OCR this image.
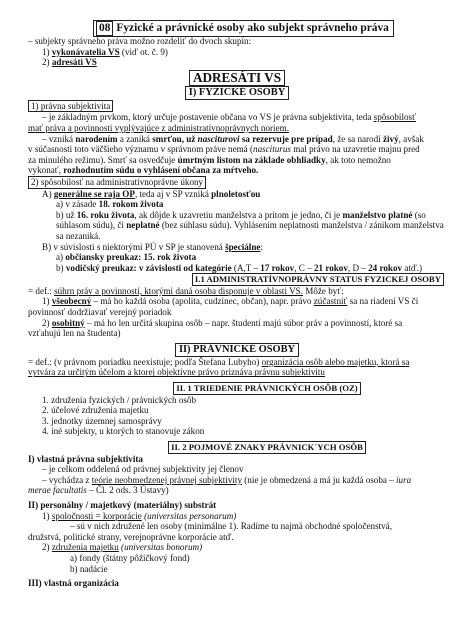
08 Fyzické a právnické osoby ako subjekt správneho práva
– subjekty správneho práva možno rozdeliť do dvoch skupín:
1) vykonávatelia VS (viď ot. č. 9)
2) adresáti VS
ADRESÁTI VS
I) FYZICKÉ OSOBY
1) právna subjektivita
– je základným prvkom, ktorý určuje postavenie občana vo VS je právna subjektivita, teda spôsobilosť
mať práva a povinnosti vyplývajúce z administratívnoprávnych noriem.
– vzniká narodením a zaniká smrťou, už nasciturovi sa rezervuje pre prípad, že sa narodí živý, avšak
v súčasnosti toto väčšieho významu v správnom práve nemá (nasciturus mal právo na uzavretie majnu pred
za minulého režimu). Smrť sa osvedčuje úmrtným listom na základe obhliadky, ak toto nemožno
vykonať, rozhodnutím súdu o vyhlásení občana za mŕtveho.
2) spôsobilosť na administratívnoprávne úkony
A) generálne se raja OP, teda aj v SP vzniká plnoletosťou
a) v zásade 18. rokom života
b) už 16. roku života, ak dôjde k uzavretiu manželstva a pritom je jedno, či je manželstvo platné (so
súhlasom súdu), či neplatné (bez súhlasu súdu). Vyhlásením neplatnosti manželstva / zánikom manželstva
sa nezaniká.
B) v súvislosti s niektorými PÚ v SP je stanovená špeciálne:
a) občiansky preukaz: 15. rok života
b) vodičský preukaz: v závislosti od kategórie (A,T – 17 rokov, C – 21 rokov, D – 24 rokov atď.)
I.1 ADMINISTRATÍVNOPRÁVNY STATUS FYZICKEJ OSOBY
= def.: súhrn práv a povinností, ktorými daná osoba disponuje v oblasti VS. Môže byť:
1) všeobecný – má ho každá osoba (apolita, cudzinec, občan), napr. právo zúčastniť sa na riadení VS či
povinnosť dodržiavať verejný poriadok
2) osobitný – má ho len určitá skupina osôb – napr. študenti majú súbor práv a povinností, ktoré sa
vzťahujú len na študenta)
II) PRÁVNICKÉ OSOBY
= def.: (v právnom poriadku neexistuje; podľa Štefana Lubyho) organizácia osôb alebo majetku, ktorá sa
vytvára za určitým účelom a ktorej objektívne právo priznáva právnu subjektivitu
II. 1 TRIEDENIE PRÁVNICKÝCH OSÔB (OZ)
1. združenia fyzických / právnických osôb
2. účelové združenia majetku
3. jednotky územnej samosprávy
4. iné subjekty, u ktorých to stanovuje zákon
II. 2 POJMOVÉ ZNAKY PRÁVNICK´YCH OSÔB
I) vlastná právna subjektivita
– je celkom oddelená od právnej subjektivity jej členov
– vychádza z teórie neobmedzenej právnej subjektivity (nie je obmedzená a má ju každá osoba – iura
merae facultatis – Čl. 2 ods. 3 Ústavy)
II) personálny / majetkový (materiálny) substrát
1) spoločnosti = korporácie (universitas personarum)
– sú v nich združené len osoby (minimálne 1). Radíme tu najmä obchodné spoločenstvá,
družstvá, politické strany, verejnoprávne korporácie atď.
2) združenia majetku (universitas bonorum)
a) fondy (štátny pôžičkový fond)
b) nadácie
III) vlastná organizácia
